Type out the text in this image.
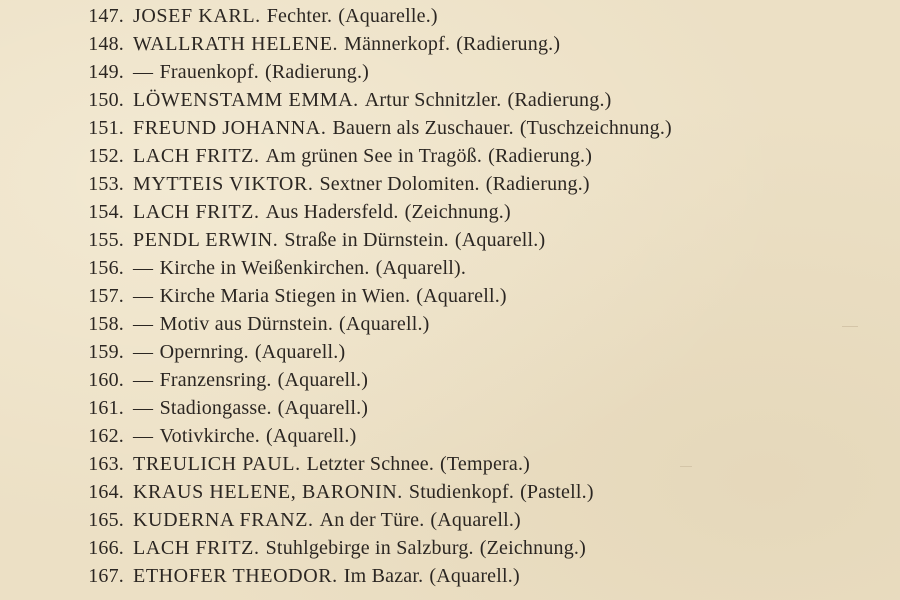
147. JOSEF KARL. Fechter. (Aquarelle.)
148. WALLRATH HELENE. Männerkopf. (Radierung.)
149. — Frauenkopf. (Radierung.)
150. LÖWENSTAMM EMMA. Artur Schnitzler. (Radierung.)
151. FREUND JOHANNA. Bauern als Zuschauer. (Tuschzeichnung.)
152. LACH FRITZ. Am grünen See in Tragöß. (Radierung.)
153. MYTTEIS VIKTOR. Sextner Dolomiten. (Radierung.)
154. LACH FRITZ. Aus Hadersfeld. (Zeichnung.)
155. PENDL ERWIN. Straße in Dürnstein. (Aquarell.)
156. — Kirche in Weißenkirchen. (Aquarell).
157. — Kirche Maria Stiegen in Wien. (Aquarell.)
158. — Motiv aus Dürnstein. (Aquarell.)
159. — Opernring. (Aquarell.)
160. — Franzensring. (Aquarell.)
161. — Stadiongasse. (Aquarell.)
162. — Votivkirche. (Aquarell.)
163. TREULICH PAUL. Letzter Schnee. (Tempera.)
164. KRAUS HELENE, BARONIN. Studienkopf. (Pastell.)
165. KUDERNA FRANZ. An der Türe. (Aquarell.)
166. LACH FRITZ. Stuhlgebirge in Salzburg. (Zeichnung.)
167. ETHOFER THEODOR. Im Bazar. (Aquarell.)
